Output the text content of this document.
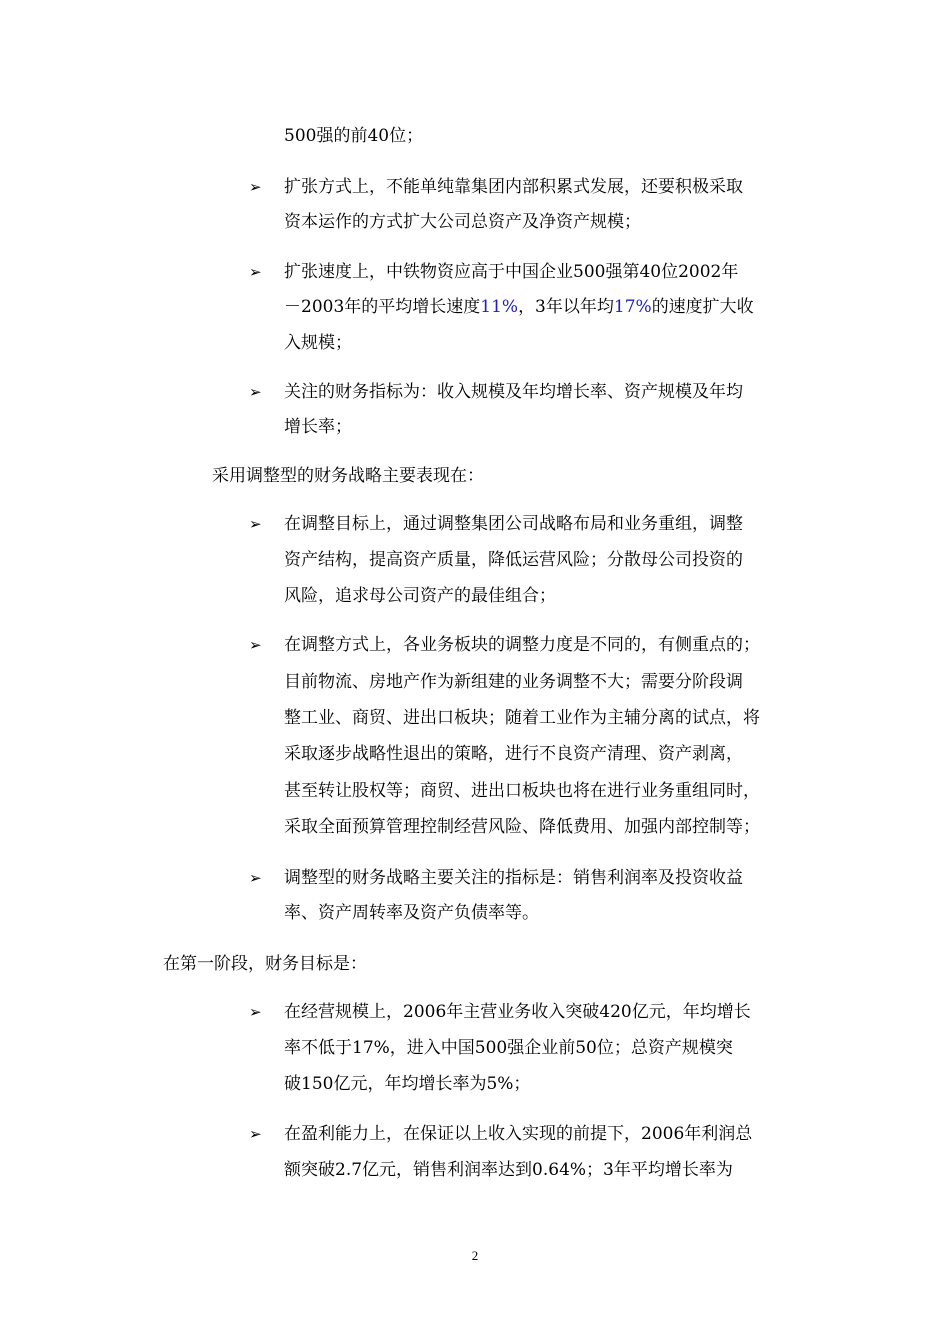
500强的前40位；
➢ 扩张方式上，不能单纯靠集团内部积累式发展，还要积极采取
资本运作的方式扩大公司总资产及净资产规模；
➢ 扩张速度上，中铁物资应高于中国企业500强第40位2002年
－2003年的平均增长速度11%，3年以年均17%的速度扩大收
入规模；
➢ 关注的财务指标为：收入规模及年均增长率、资产规模及年均
增长率；
采用调整型的财务战略主要表现在：
➢ 在调整目标上，通过调整集团公司战略布局和业务重组，调整
资产结构，提高资产质量，降低运营风险；分散母公司投资的
风险，追求母公司资产的最佳组合；
➢ 在调整方式上，各业务板块的调整力度是不同的，有侧重点的；
目前物流、房地产作为新组建的业务调整不大；需要分阶段调
整工业、商贸、进出口板块；随着工业作为主辅分离的试点，将
采取逐步战略性退出的策略，进行不良资产清理、资产剥离，
甚至转让股权等；商贸、进出口板块也将在进行业务重组同时，
采取全面预算管理控制经营风险、降低费用、加强内部控制等；
➢ 调整型的财务战略主要关注的指标是：销售利润率及投资收益
率、资产周转率及资产负债率等。
在第一阶段，财务目标是：
➢ 在经营规模上，2006年主营业务收入突破420亿元，年均增长
率不低于17%，进入中国500强企业前50位；总资产规模突
破150亿元，年均增长率为5%；
➢ 在盈利能力上，在保证以上收入实现的前提下，2006年利润总
额突破2.7亿元，销售利润率达到0.64%；3年平均增长率为
2
